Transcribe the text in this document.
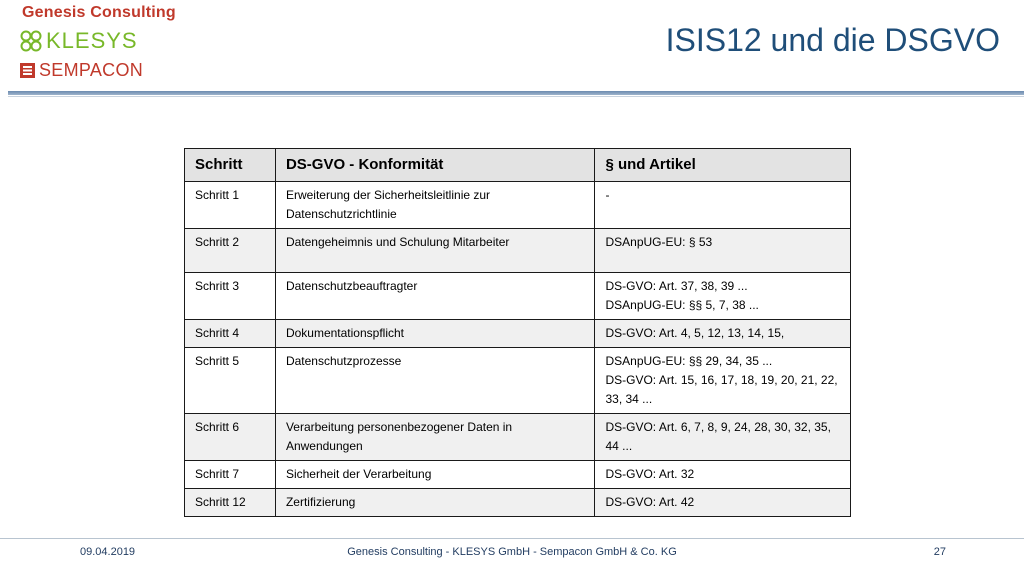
Genesis Consulting
KLESYS
SEMPACON
ISIS12 und die DSGVO
Schritt	DS-GVO - Konformität	§ und Artikel
Schritt 1	Erweiterung der Sicherheitsleitlinie zur Datenschutzrichtlinie	-
Schritt 2	Datengeheimnis und Schulung Mitarbeiter	DSAnpUG-EU: § 53
Schritt 3	Datenschutzbeauftragter	DS-GVO: Art. 37, 38, 39 ...
DSAnpUG-EU: §§ 5, 7, 38 ...

Schritt 4	Dokumentationspflicht	DS-GVO: Art. 4, 5, 12, 13, 14, 15,
Schritt 5	Datenschutzprozesse	DSAnpUG-EU: §§ 29, 34, 35 ...
DS-GVO: Art. 15, 16, 17, 18, 19, 20, 21, 22, 33, 34 ...

Schritt 6	Verarbeitung personenbezogener Daten in Anwendungen	DS-GVO: Art. 6, 7, 8, 9, 24, 28, 30, 32, 35, 44 ...
Schritt 7	Sicherheit der Verarbeitung	DS-GVO: Art. 32
Schritt 12	Zertifizierung	DS-GVO: Art. 42
09.04.2019	Genesis Consulting - KLESYS GmbH - Sempacon GmbH & Co. KG	27
